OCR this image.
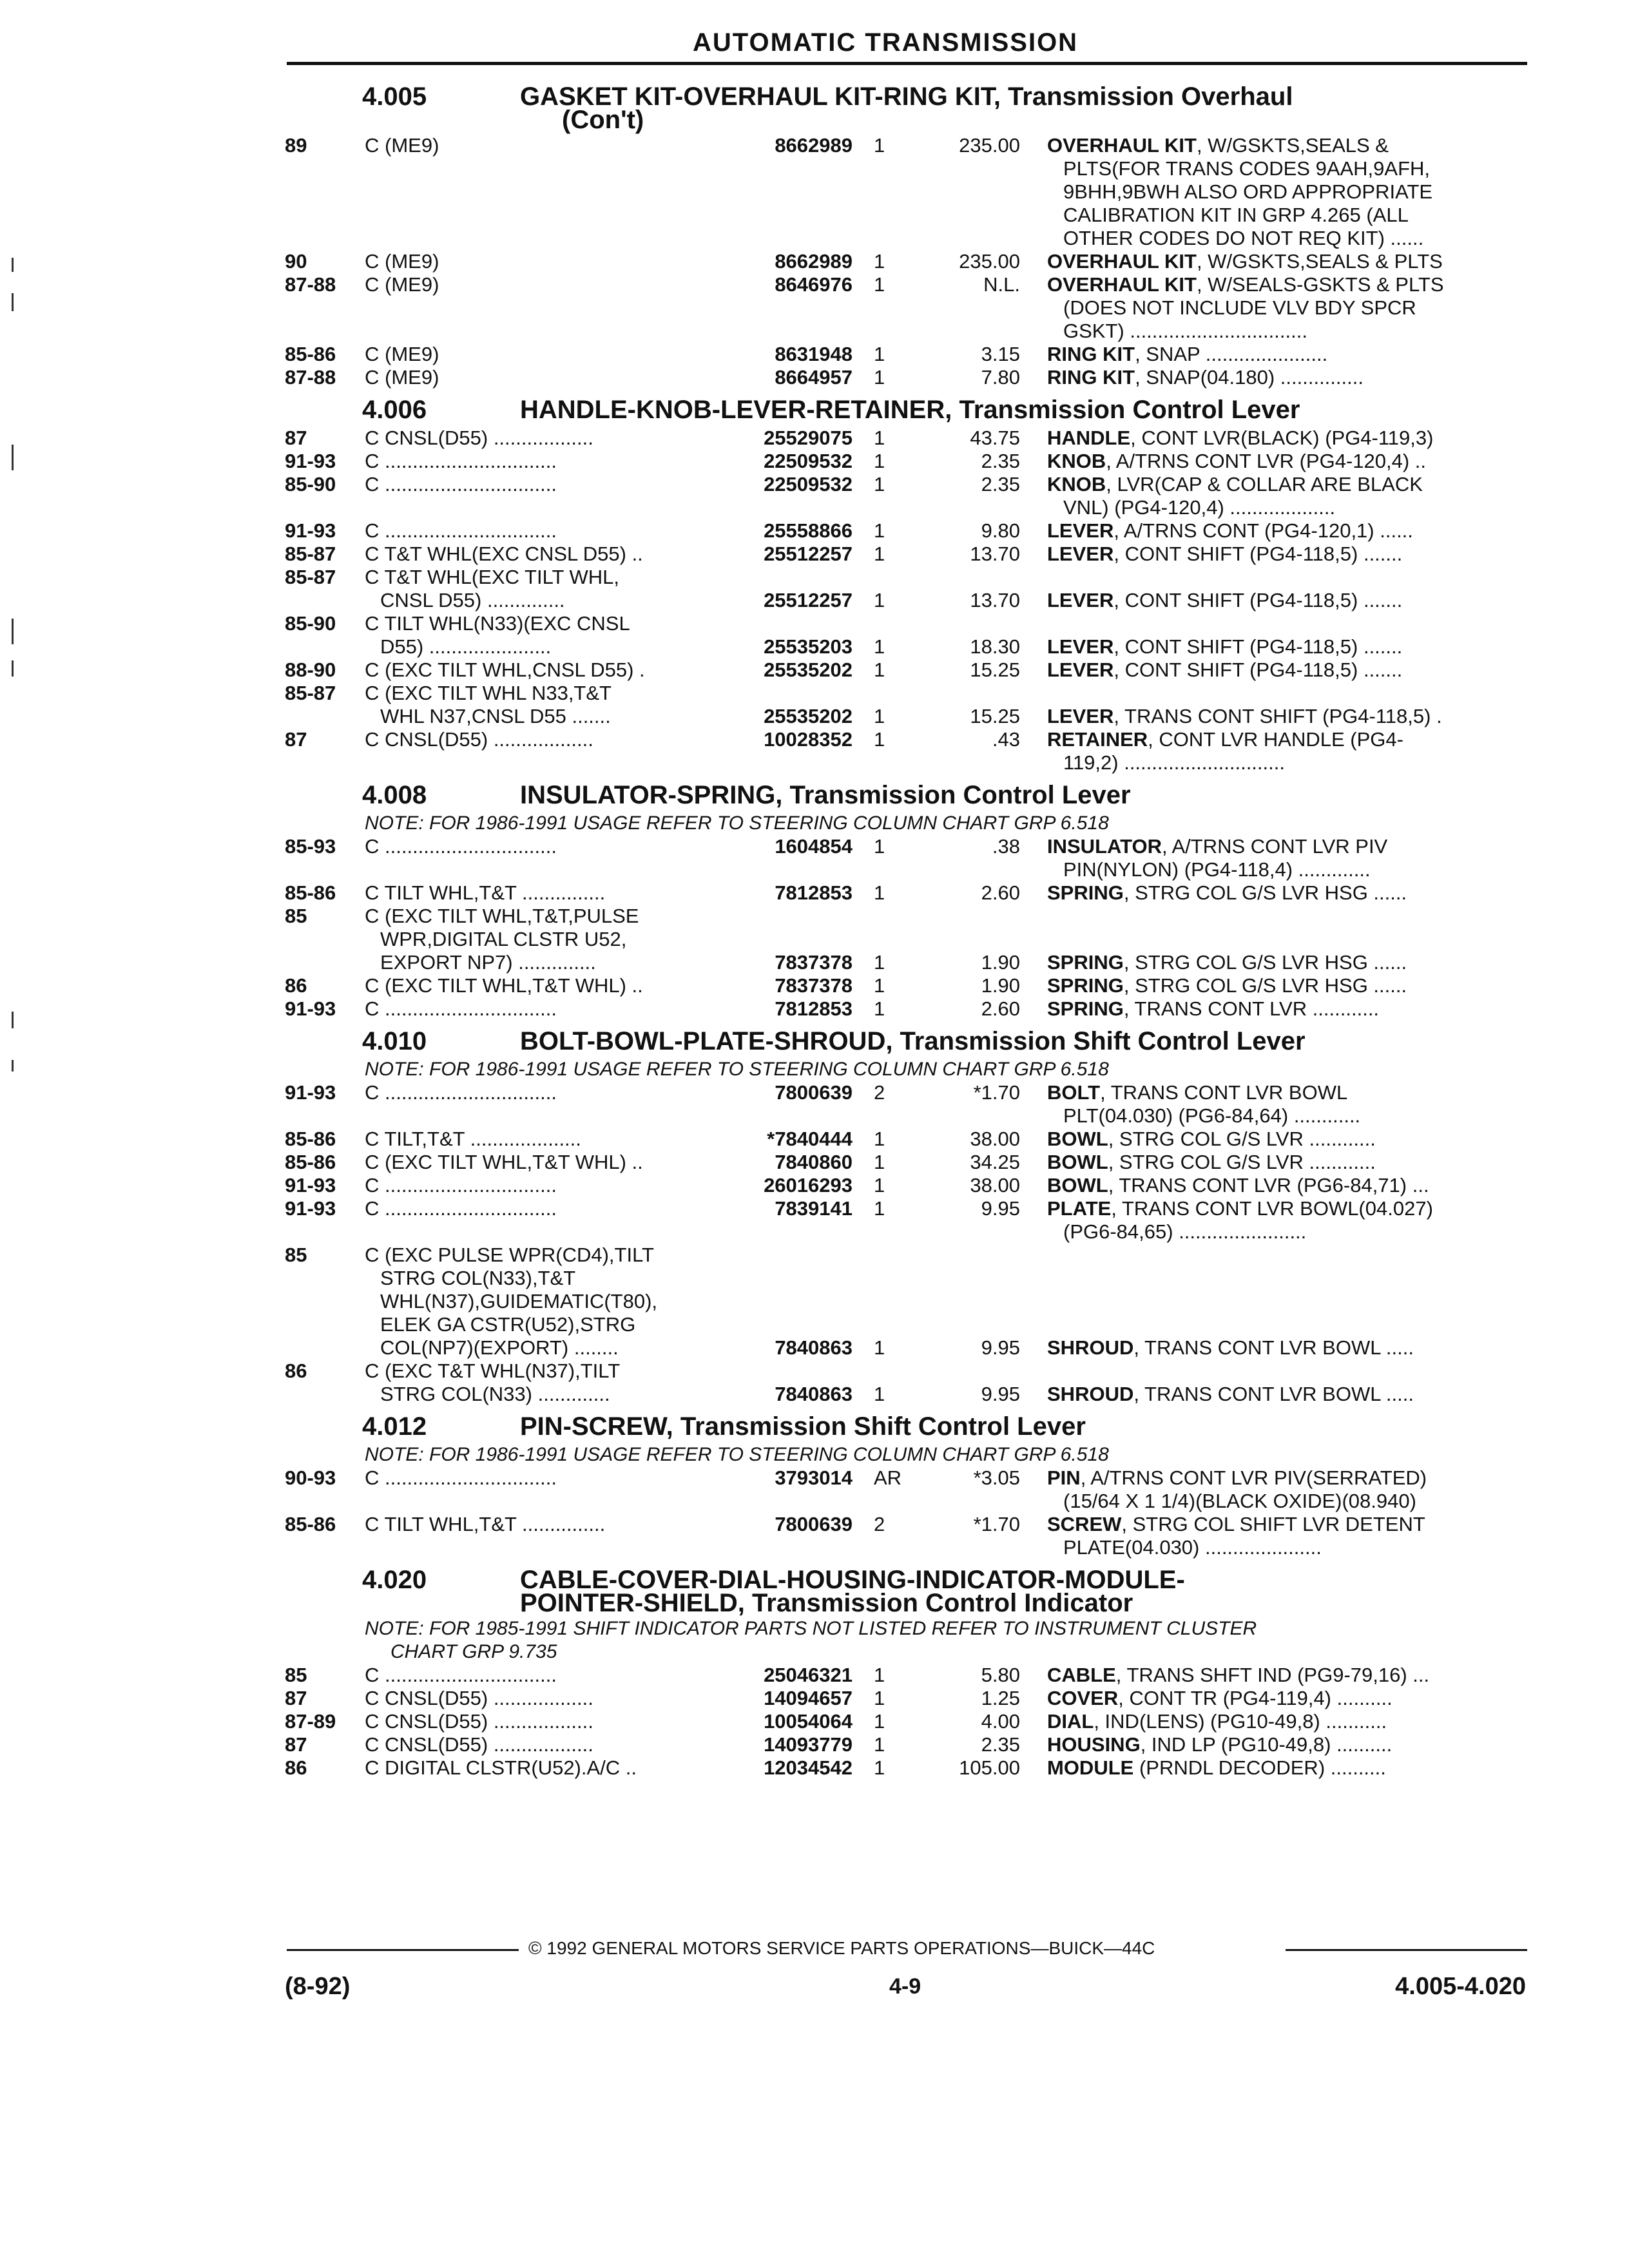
AUTOMATIC TRANSMISSION
4.005	GASKET KIT-OVERHAUL KIT-RING KIT, Transmission Overhaul
(Con't)
89	C (ME9)	8662989 1	235.00 OVERHAUL KIT, W/GSKTS,SEALS &
PLTS(FOR TRANS CODES 9AAH,9AFH,
9BHH,9BWH ALSO ORD APPROPRIATE
CALIBRATION KIT IN GRP 4.265 (ALL
OTHER CODES DO NOT REQ KIT) ......
90	C (ME9)	8662989 1	235.00 OVERHAUL KIT, W/GSKTS,SEALS & PLTS
87-88 C (ME9)	8646976 1	N.L. OVERHAUL KIT, W/SEALS-GSKTS & PLTS
(DOES NOT INCLUDE VLV BDY SPCR
GSKT) ................................
85-86 C (ME9)	8631948 1	3.15 RING KIT, SNAP ......................
87-88 C (ME9)	8664957 1	7.80 RING KIT, SNAP(04.180) ...............
4.006	HANDLE-KNOB-LEVER-RETAINER, Transmission Control Lever
87	C CNSL(D55) ..................	25529075 1	43.75 HANDLE, CONT LVR(BLACK) (PG4-119,3)
91-93 C ...............................	22509532 1	2.35 KNOB, A/TRNS CONT LVR (PG4-120,4) ..
85-90 C ...............................	22509532 1	2.35 KNOB, LVR(CAP & COLLAR ARE BLACK
VNL) (PG4-120,4) ...................
91-93 C ...............................	25558866 1	9.80 LEVER, A/TRNS CONT (PG4-120,1) ......
85-87 C T&T WHL(EXC CNSL D55) ..	25512257 1	13.70 LEVER, CONT SHIFT (PG4-118,5) .......
85-87 C T&T WHL(EXC TILT WHL,
CNSL D55) ..............	25512257 1	13.70 LEVER, CONT SHIFT (PG4-118,5) .......
85-90 C TILT WHL(N33)(EXC CNSL
D55) ......................	25535203 1	18.30 LEVER, CONT SHIFT (PG4-118,5) .......
88-90 C (EXC TILT WHL,CNSL D55) .	25535202 1	15.25 LEVER, CONT SHIFT (PG4-118,5) .......
85-87 C (EXC TILT WHL N33,T&T
WHL N37,CNSL D55 .......	25535202 1	15.25 LEVER, TRANS CONT SHIFT (PG4-118,5) .
87	C CNSL(D55) ..................	10028352 1	.43 RETAINER, CONT LVR HANDLE (PG4-
119,2) .............................
4.008	INSULATOR-SPRING, Transmission Control Lever
NOTE: FOR 1986-1991 USAGE REFER TO STEERING COLUMN CHART GRP 6.518
85-93 C ...............................	1604854 1	.38 INSULATOR, A/TRNS CONT LVR PIV
PIN(NYLON) (PG4-118,4) .............
85-86 C TILT WHL,T&T ...............	7812853 1	2.60 SPRING, STRG COL G/S LVR HSG ......
85	C (EXC TILT WHL,T&T,PULSE
WPR,DIGITAL CLSTR U52,
EXPORT NP7) ..............	7837378 1	1.90 SPRING, STRG COL G/S LVR HSG ......
86	C (EXC TILT WHL,T&T WHL) ..	7837378 1	1.90 SPRING, STRG COL G/S LVR HSG ......
91-93 C ...............................	7812853 1	2.60 SPRING, TRANS CONT LVR ............
4.010	BOLT-BOWL-PLATE-SHROUD, Transmission Shift Control Lever
NOTE: FOR 1986-1991 USAGE REFER TO STEERING COLUMN CHART GRP 6.518
91-93 C ...............................	7800639 2	*1.70 BOLT, TRANS CONT LVR BOWL
PLT(04.030) (PG6-84,64) ............
85-86 C TILT,T&T ....................	*7840444 1	38.00 BOWL, STRG COL G/S LVR ............
85-86 C (EXC TILT WHL,T&T WHL) ..	7840860 1	34.25 BOWL, STRG COL G/S LVR ............
91-93 C ...............................	26016293 1	38.00 BOWL, TRANS CONT LVR (PG6-84,71) ...
91-93 C ...............................	7839141 1	9.95 PLATE, TRANS CONT LVR BOWL(04.027)
(PG6-84,65) .......................
85	C (EXC PULSE WPR(CD4),TILT
STRG COL(N33),T&T
WHL(N37),GUIDEMATIC(T80),
ELEK GA CSTR(U52),STRG
COL(NP7)(EXPORT) ........	7840863 1	9.95 SHROUD, TRANS CONT LVR BOWL .....
86	C (EXC T&T WHL(N37),TILT
STRG COL(N33) .............	7840863 1	9.95 SHROUD, TRANS CONT LVR BOWL .....
4.012	PIN-SCREW, Transmission Shift Control Lever
NOTE: FOR 1986-1991 USAGE REFER TO STEERING COLUMN CHART GRP 6.518
90-93 C ...............................	3793014 AR	*3.05 PIN, A/TRNS CONT LVR PIV(SERRATED)
(15/64 X 1 1/4)(BLACK OXIDE)(08.940)
85-86 C TILT WHL,T&T ...............	7800639 2	*1.70 SCREW, STRG COL SHIFT LVR DETENT
PLATE(04.030) .....................
4.020	CABLE-COVER-DIAL-HOUSING-INDICATOR-MODULE-
POINTER-SHIELD, Transmission Control Indicator
NOTE: FOR 1985-1991 SHIFT INDICATOR PARTS NOT LISTED REFER TO INSTRUMENT CLUSTER
CHART GRP 9.735
85	C ...............................	25046321 1	5.80 CABLE, TRANS SHFT IND (PG9-79,16) ...
87	C CNSL(D55) ..................	14094657 1	1.25 COVER, CONT TR (PG4-119,4) ..........
87-89 C CNSL(D55) ..................	10054064 1	4.00 DIAL, IND(LENS) (PG10-49,8) ...........
87	C CNSL(D55) ..................	14093779 1	2.35 HOUSING, IND LP (PG10-49,8) ..........
86	C DIGITAL CLSTR(U52).A/C ..	12034542 1	105.00 MODULE (PRNDL DECODER) ..........
© 1992 GENERAL MOTORS SERVICE PARTS OPERATIONS—BUICK—44C
(8-92)	4-9	4.005-4.020
